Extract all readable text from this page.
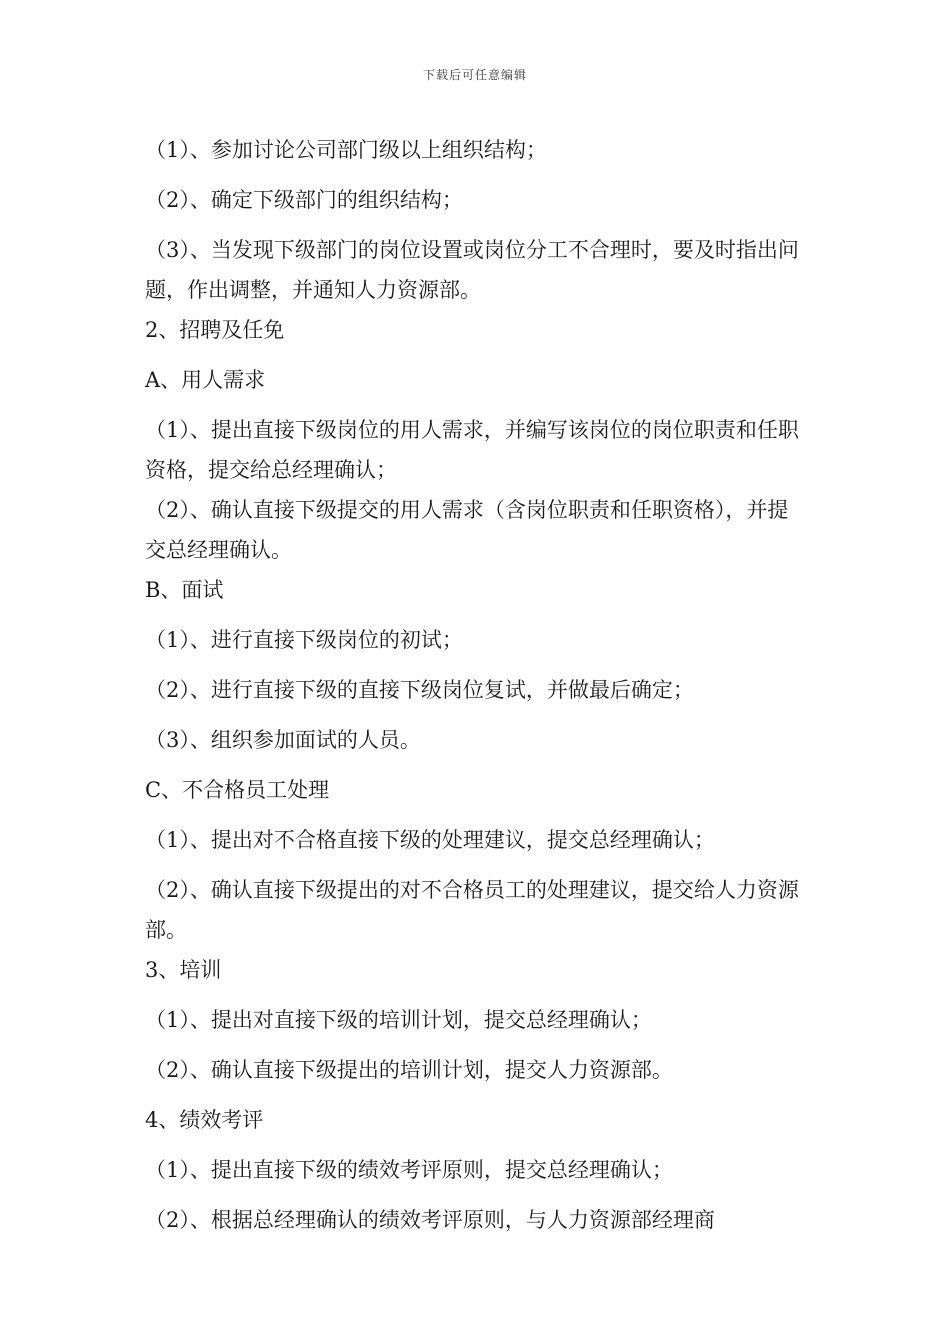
下载后可任意编辑

（1）、参加讨论公司部门级以上组织结构；

（2）、确定下级部门的组织结构；

（3）、当发现下级部门的岗位设置或岗位分工不合理时，要及时指出问题，作出调整，并通知人力资源部。

2、招聘及任免

A、用人需求

（1）、提出直接下级岗位的用人需求，并编写该岗位的岗位职责和任职资格，提交给总经理确认；

（2）、确认直接下级提交的用人需求（含岗位职责和任职资格），并提交总经理确认。

B、面试

（1）、进行直接下级岗位的初试；

（2）、进行直接下级的直接下级岗位复试，并做最后确定；

（3）、组织参加面试的人员。

C、不合格员工处理

（1）、提出对不合格直接下级的处理建议，提交总经理确认；

（2）、确认直接下级提出的对不合格员工的处理建议，提交给人力资源部。

3、培训

（1）、提出对直接下级的培训计划，提交总经理确认；

（2）、确认直接下级提出的培训计划，提交人力资源部。

4、绩效考评

（1）、提出直接下级的绩效考评原则，提交总经理确认；

（2）、根据总经理确认的绩效考评原则，与人力资源部经理商
